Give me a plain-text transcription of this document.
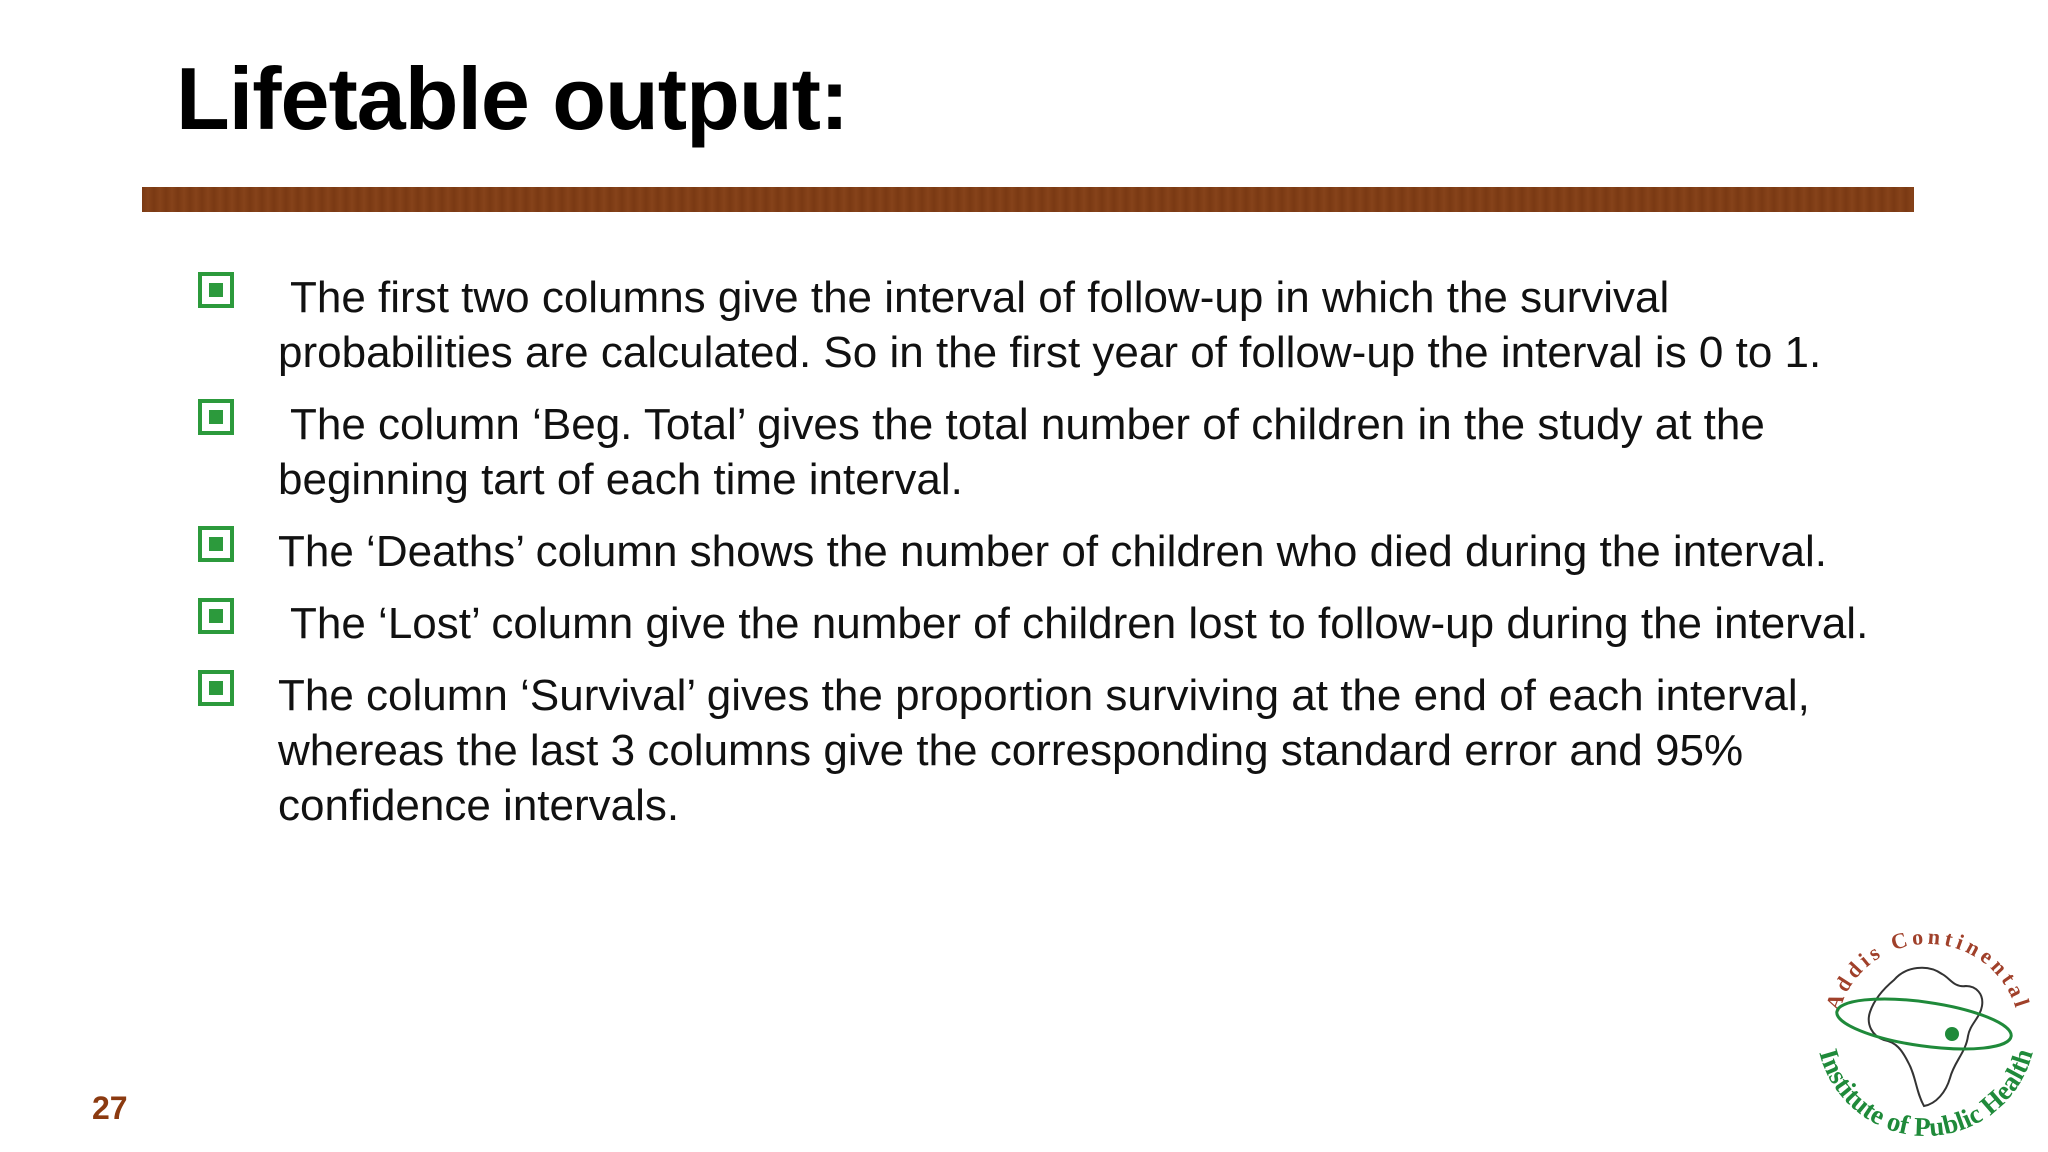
Lifetable output:
The first two columns give the interval of follow-up in which the survival probabilities are calculated. So in the first year of follow-up the interval is 0 to 1.
The column ‘Beg. Total’ gives the total number of children in the study at the beginning tart of each time interval.
The ‘Deaths’ column shows the number of children who died during the interval.
The ‘Lost’ column give the number of children lost to follow-up during the interval.
The column ‘Survival’ gives the proportion surviving at the end of each interval, whereas the last 3 columns give the corresponding standard error and 95% confidence intervals.
27
Addis Continental
Institute of Public Health
